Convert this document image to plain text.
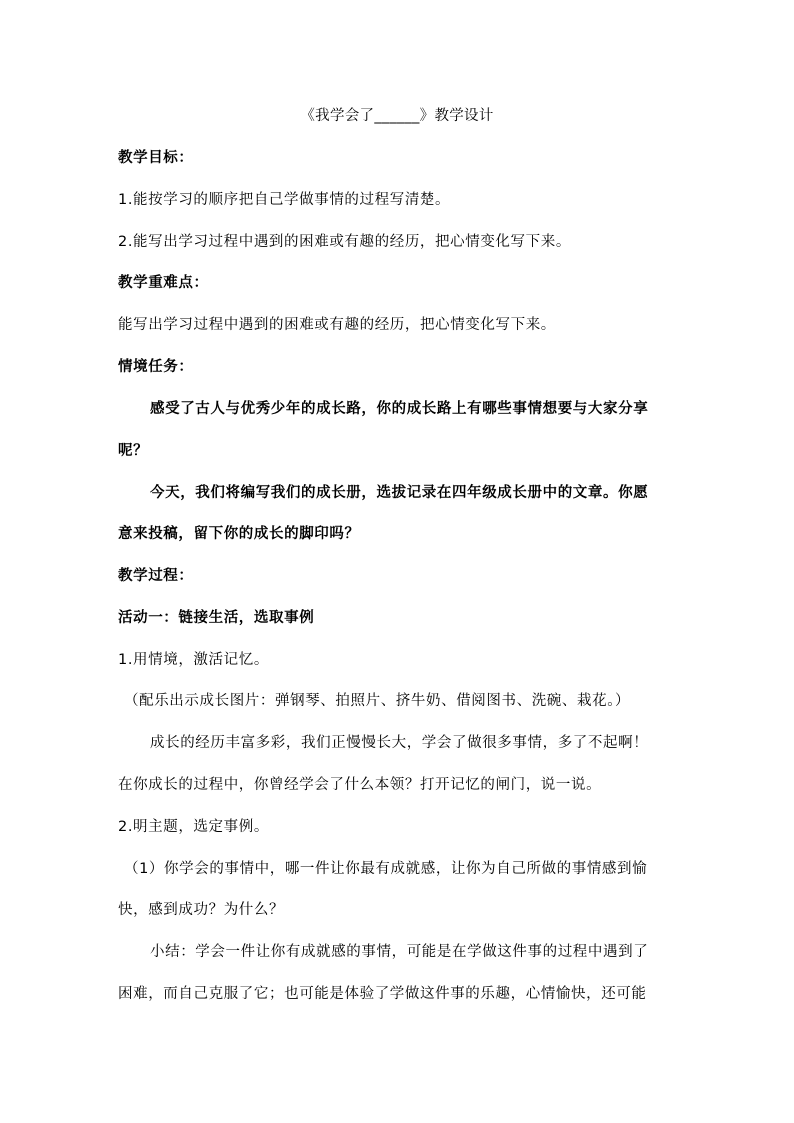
《我学会了______》教学设计
教学目标：
1.能按学习的顺序把自己学做事情的过程写清楚。
2.能写出学习过程中遇到的困难或有趣的经历，把心情变化写下来。
教学重难点：
能写出学习过程中遇到的困难或有趣的经历，把心情变化写下来。
情境任务：
感受了古人与优秀少年的成长路，你的成长路上有哪些事情想要与大家分享
呢？
今天，我们将编写我们的成长册，选拔记录在四年级成长册中的文章。你愿
意来投稿，留下你的成长的脚印吗？
教学过程：
活动一：链接生活，选取事例
1.用情境，激活记忆。
（配乐出示成长图片：弹钢琴、拍照片、挤牛奶、借阅图书、洗碗、栽花。）
成长的经历丰富多彩，我们正慢慢长大，学会了做很多事情，多了不起啊！
在你成长的过程中，你曾经学会了什么本领？打开记忆的闸门，说一说。
2.明主题，选定事例。
（1）你学会的事情中，哪一件让你最有成就感，让你为自己所做的事情感到愉
快，感到成功？为什么？
小结：学会一件让你有成就感的事情，可能是在学做这件事的过程中遇到了
困难，而自己克服了它；也可能是体验了学做这件事的乐趣，心情愉快，还可能
